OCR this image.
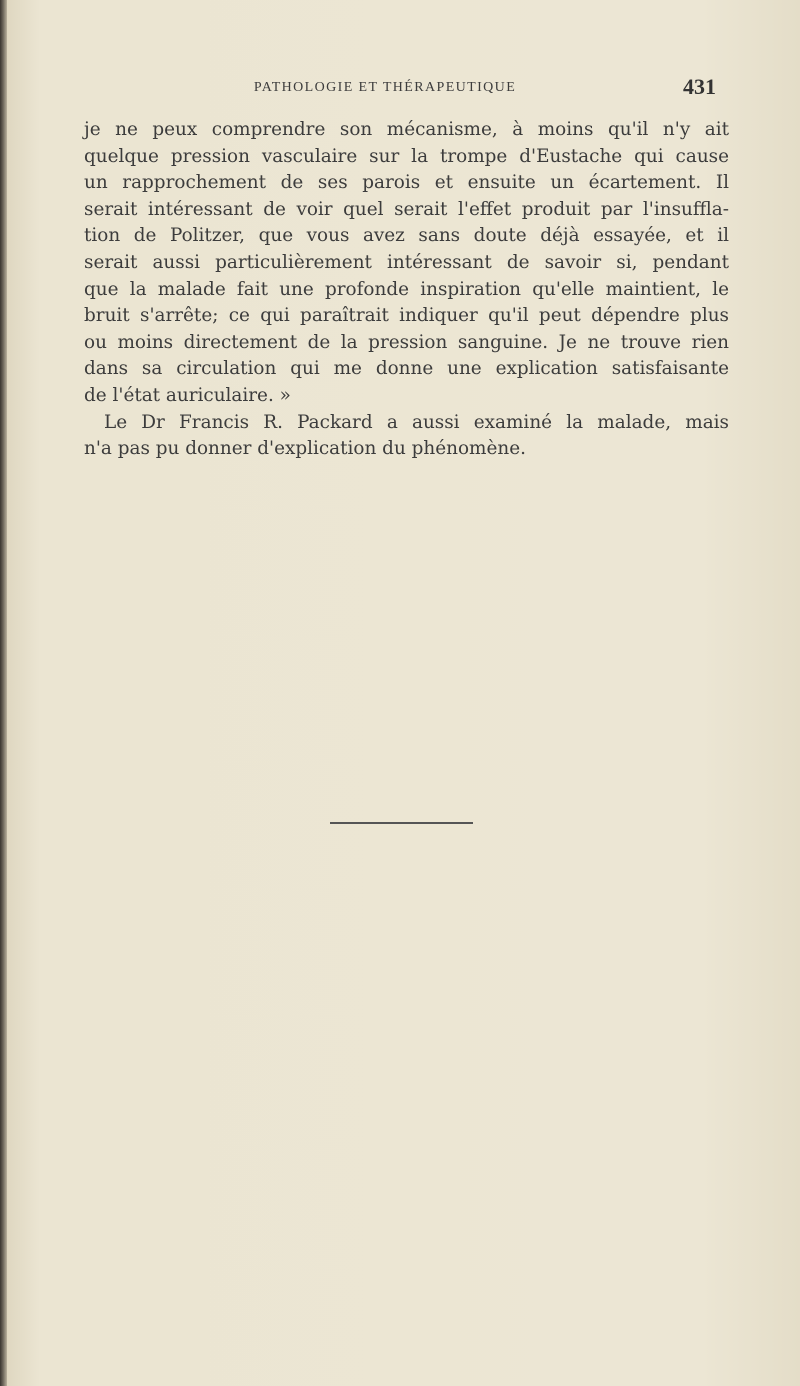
PATHOLOGIE ET THÉRAPEUTIQUE	431
je ne peux comprendre son mécanisme, à moins qu'il n'y ait
quelque pression vasculaire sur la trompe d'Eustache qui cause
un rapprochement de ses parois et ensuite un écartement. Il
serait intéressant de voir quel serait l'effet produit par l'insuffla-
tion de Politzer, que vous avez sans doute déjà essayée, et il
serait aussi particulièrement intéressant de savoir si, pendant
que la malade fait une profonde inspiration qu'elle maintient, le
bruit s'arrête; ce qui paraîtrait indiquer qu'il peut dépendre plus
ou moins directement de la pression sanguine. Je ne trouve rien
dans sa circulation qui me donne une explication satisfaisante
de l'état auriculaire. »
Le Dr Francis R. Packard a aussi examiné la malade, mais
n'a pas pu donner d'explication du phénomène.
